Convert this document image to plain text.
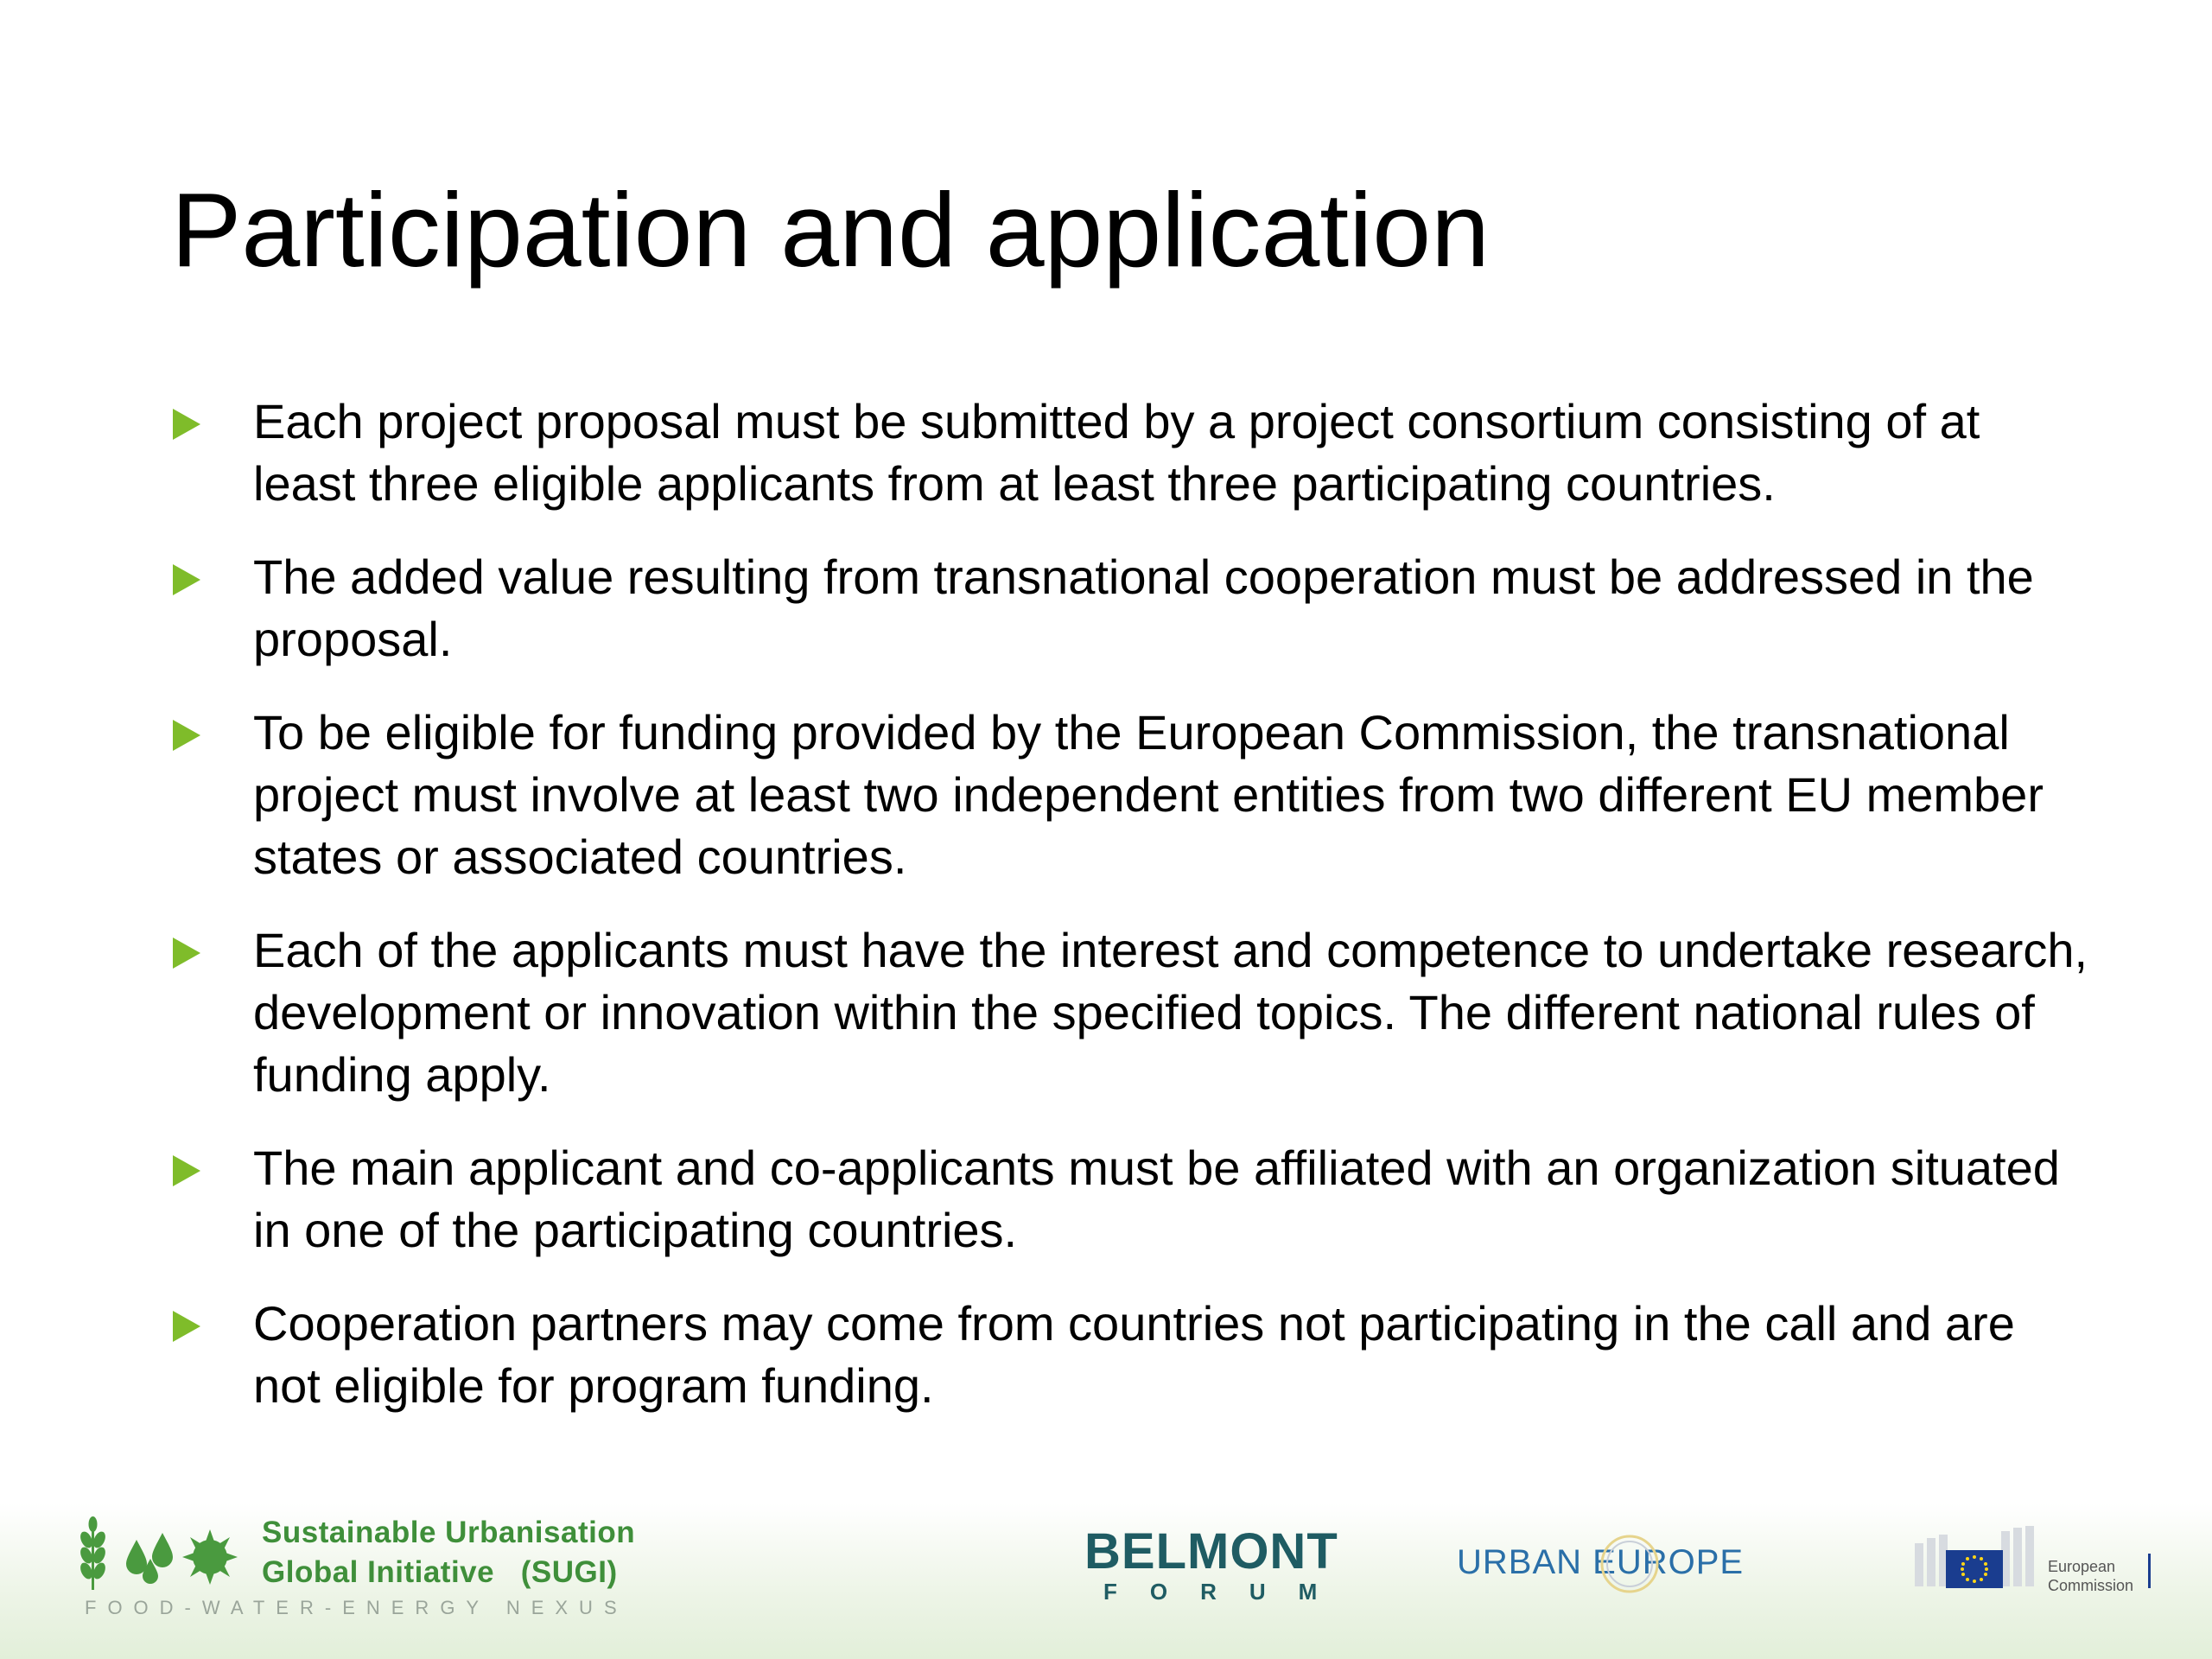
Participation and application
Each project proposal must be submitted by a project consortium consisting of at least three eligible applicants from at least three participating countries.
The added value resulting from transnational cooperation must be addressed in the proposal.
To be eligible for funding provided by the European Commission, the transnational project must involve at least two independent entities from two different EU member states or associated countries.
Each of the applicants must have the interest and competence to undertake research, development or innovation within the specified topics. The different national rules of funding apply.
The main applicant and co-applicants must be affiliated with an organization situated in one of the participating countries.
Cooperation partners may come from countries not participating in the call and are not eligible for program funding.
Sustainable Urbanisation
Global Initiative   (SUGI)
FOOD-WATER-ENERGY NEXUS
BELMONT
FORUM
URBAN EUROPE	European
Commission
